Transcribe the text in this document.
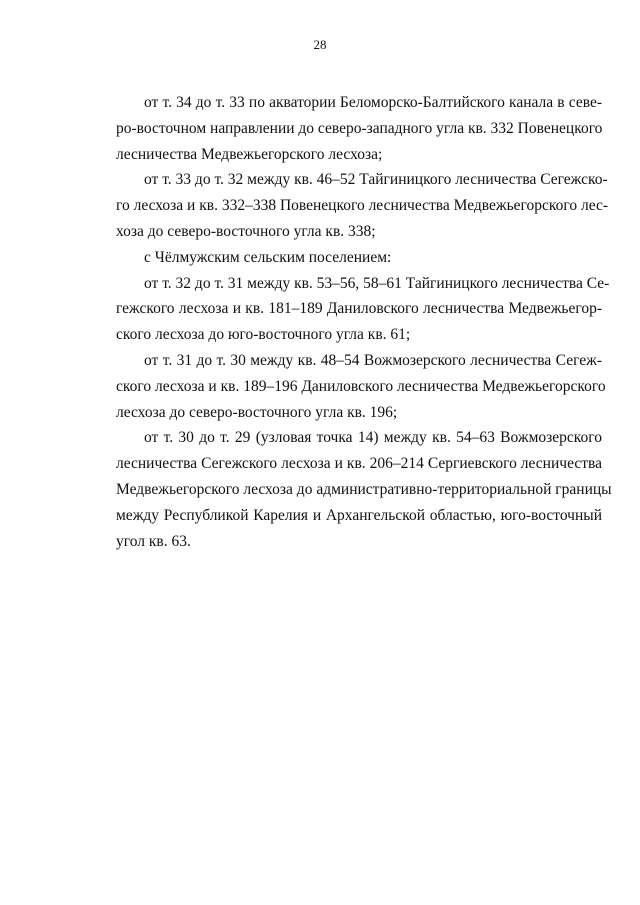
28
от т. 34 до т. 33 по акватории Беломорско-Балтийского канала в севе-
ро-восточном направлении до северо-западного угла кв. 332 Повенецкого
лесничества Медвежьегорского лесхоза;
от т. 33 до т. 32 между кв. 46–52 Тайгиницкого лесничества Сегежско-
го лесхоза и кв. 332–338 Повенецкого лесничества Медвежьегорского лес-
хоза до северо-восточного угла кв. 338;
с Чёлмужским сельским поселением:
от т. 32 до т. 31 между кв. 53–56, 58–61 Тайгиницкого лесничества Се-
гежского лесхоза и кв. 181–189 Даниловского лесничества Медвежьегор-
ского лесхоза до юго-восточного угла кв. 61;
от т. 31 до т. 30 между кв. 48–54 Вожмозерского лесничества Сегеж-
ского лесхоза и кв. 189–196 Даниловского лесничества Медвежьегорского
лесхоза до северо-восточного угла кв. 196;
от т. 30 до т. 29 (узловая точка 14) между кв. 54–63 Вожмозерского
лесничества Сегежского лесхоза и кв. 206–214 Сергиевского лесничества
Медвежьегорского лесхоза до административно-территориальной границы
между Республикой Карелия и Архангельской областью, юго-восточный
угол кв. 63.
